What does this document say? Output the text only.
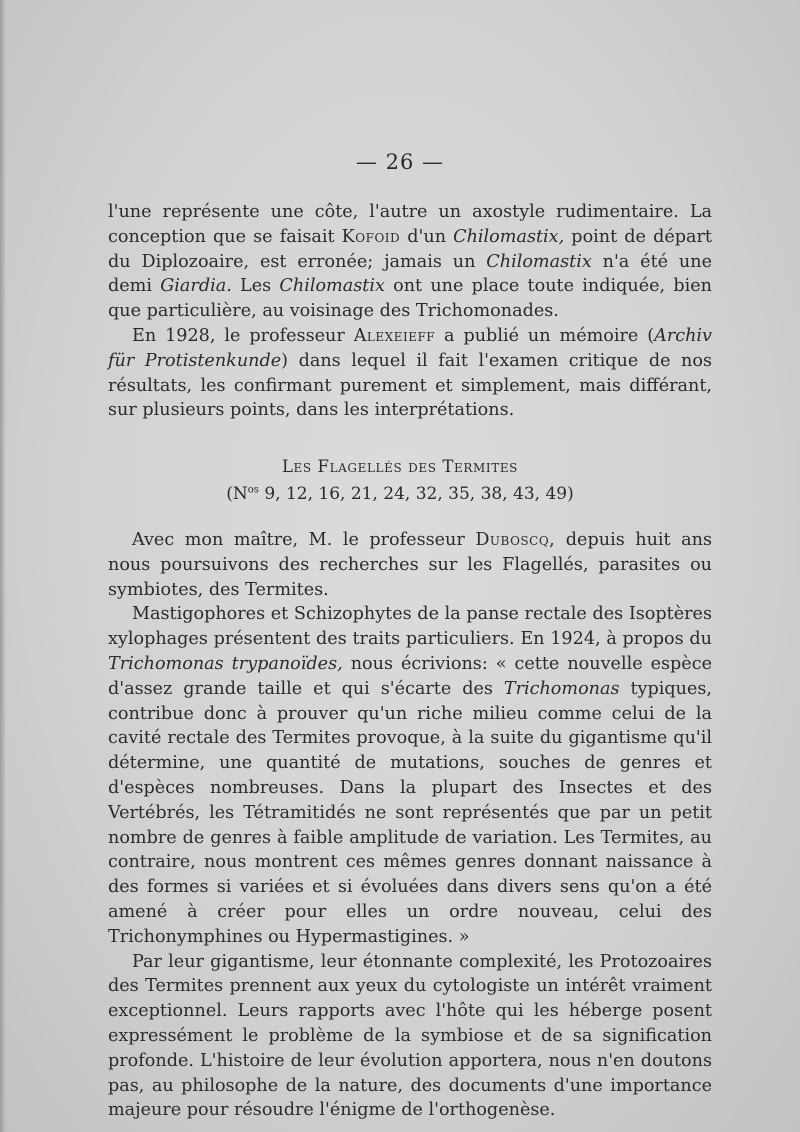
— 26 —

l'une représente une côte, l'autre un axostyle rudimentaire. La conception que se faisait Kofoid d'un Chilomastix, point de départ du Diplozoaire, est erronée; jamais un Chilomastix n'a été une demi Giardia. Les Chilomastix ont une place toute indiquée, bien que particulière, au voisinage des Trichomonades.

En 1928, le professeur Alexeieff a publié un mémoire (Archiv für Protistenkunde) dans lequel il fait l'examen critique de nos résultats, les confirmant purement et simplement, mais différant, sur plusieurs points, dans les interprétations.

Les Flagellés des Termites
($N^{os}$ 9, 12, 16, 21, 24, 32, 35, 38, 43, 49)

Avec mon maître, M. le professeur Duboscq, depuis huit ans nous poursuivons des recherches sur les Flagellés, parasites ou symbiotes, des Termites.

Mastigophores et Schizophytes de la panse rectale des Isoptères xylophages présentent des traits particuliers. En 1924, à propos du Trichomonas trypanoïdes, nous écrivions: « cette nouvelle espèce d'assez grande taille et qui s'écarte des Trichomonas typiques, contribue donc à prouver qu'un riche milieu comme celui de la cavité rectale des Termites provoque, à la suite du gigantisme qu'il détermine, une quantité de mutations, souches de genres et d'espèces nombreuses. Dans la plupart des Insectes et des Vertébrés, les Tétramitidés ne sont représentés que par un petit nombre de genres à faible amplitude de variation. Les Termites, au contraire, nous montrent ces mêmes genres donnant naissance à des formes si variées et si évoluées dans divers sens qu'on a été amené à créer pour elles un ordre nouveau, celui des Trichonymphines ou Hypermastigines. »

Par leur gigantisme, leur étonnante complexité, les Protozoaires des Termites prennent aux yeux du cytologiste un intérêt vraiment exceptionnel. Leurs rapports avec l'hôte qui les héberge posent expressément le problème de la symbiose et de sa signification profonde. L'histoire de leur évolution apportera, nous n'en doutons pas, au philosophe de la nature, des documents d'une importance majeure pour résoudre l'énigme de l'orthogenèse.
